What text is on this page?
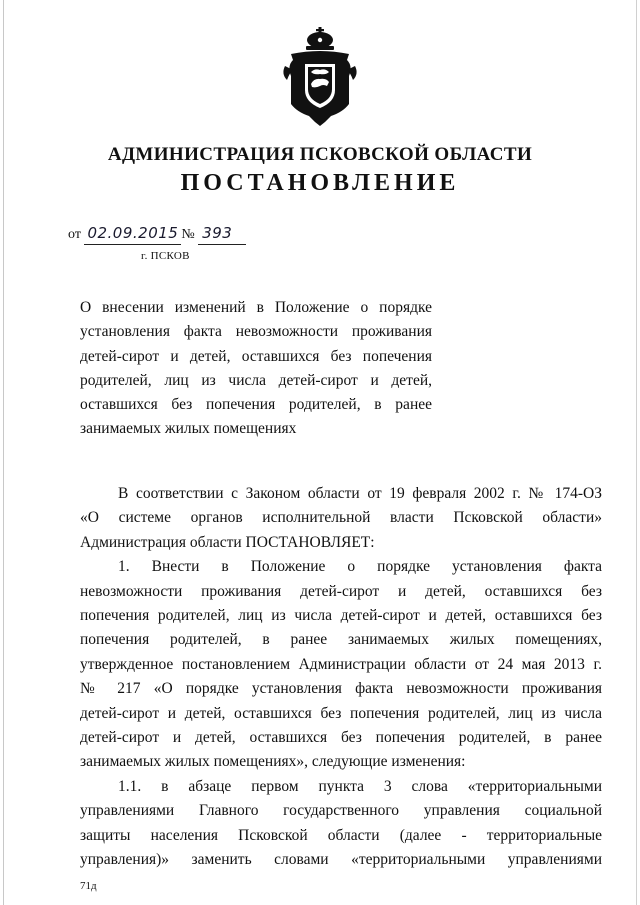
АДМИНИСТРАЦИЯ ПСКОВСКОЙ ОБЛАСТИ
ПОСТАНОВЛЕНИЕ
от 02.09.2015 № 393
г. ПСКОВ
О внесении изменений в Положение о порядке
установления факта невозможности проживания
детей-сирот и детей, оставшихся без попечения
родителей, лиц из числа детей-сирот и детей,
оставшихся без попечения родителей, в ранее
занимаемых жилых помещениях
В соответствии с Законом области от 19 февраля 2002 г. № 174-ОЗ
«О системе органов исполнительной власти Псковской области»
Администрация области ПОСТАНОВЛЯЕТ:
1. Внести в Положение о порядке установления факта
невозможности проживания детей-сирот и детей, оставшихся без
попечения родителей, лиц из числа детей-сирот и детей, оставшихся без
попечения родителей, в ранее занимаемых жилых помещениях,
утвержденное постановлением Администрации области от 24 мая 2013 г.
№ 217 «О порядке установления факта невозможности проживания
детей-сирот и детей, оставшихся без попечения родителей, лиц из числа
детей-сирот и детей, оставшихся без попечения родителей, в ранее
занимаемых жилых помещениях», следующие изменения:
1.1. в абзаце первом пункта 3 слова «территориальными
управлениями Главного государственного управления социальной
защиты населения Псковской области (далее - территориальные
управления)» заменить словами «территориальными управлениями
71д
